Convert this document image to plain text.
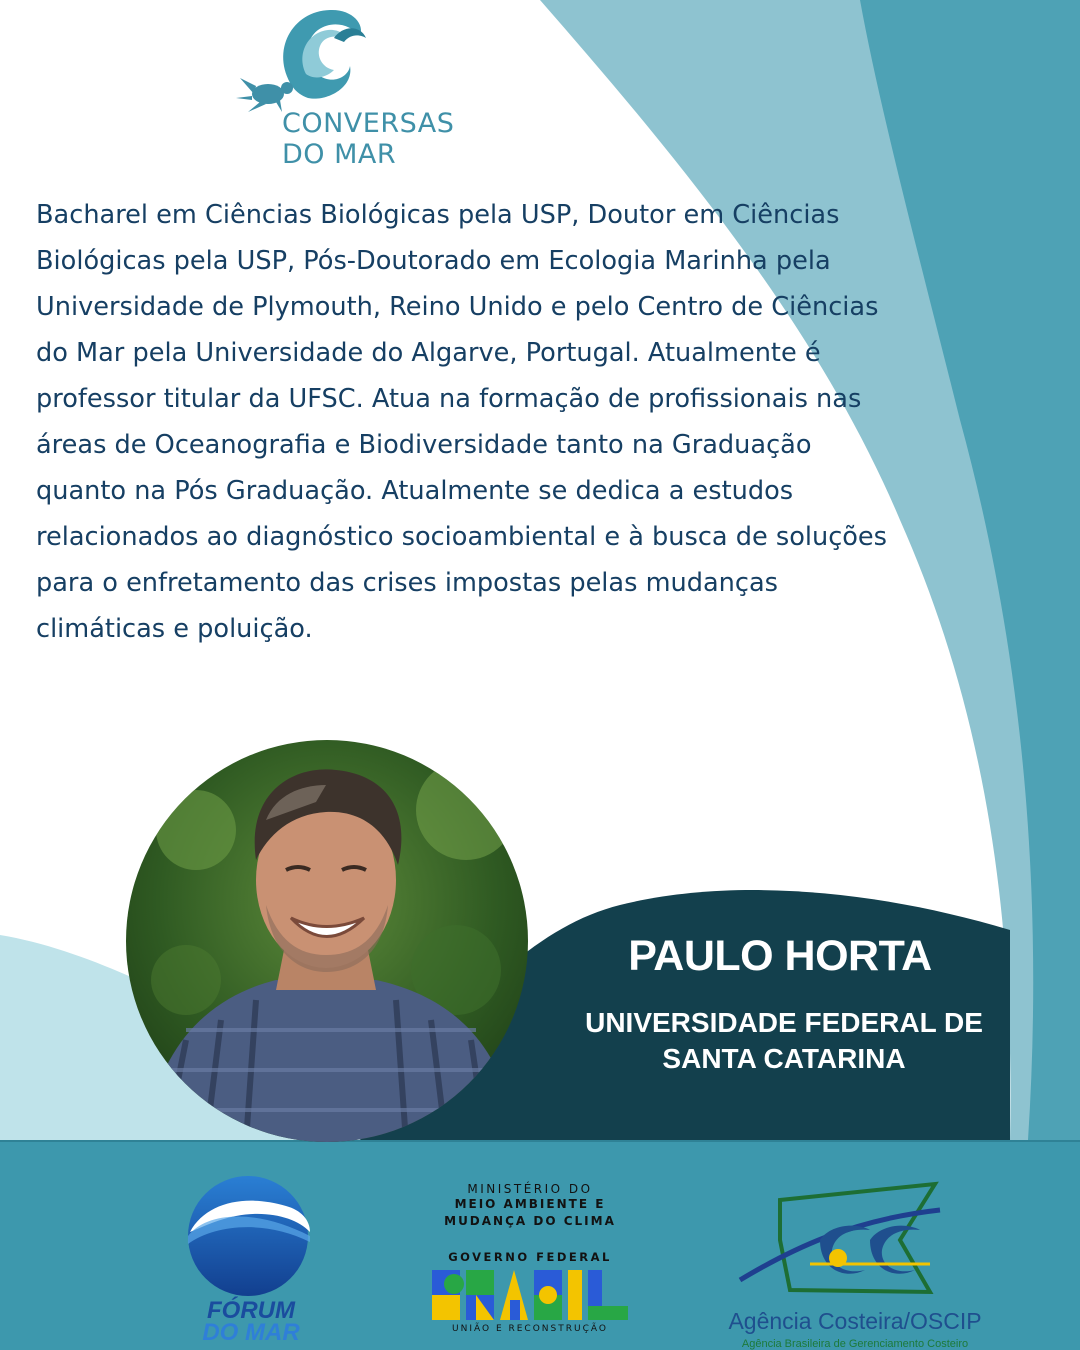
CONVERSAS
DO MAR

Bacharel em Ciências Biológicas pela USP, Doutor em Ciências
Biológicas pela USP, Pós-Doutorado em Ecologia Marinha pela
Universidade de Plymouth, Reino Unido e pelo Centro de Ciências
do Mar pela Universidade do Algarve, Portugal. Atualmente é
professor titular da UFSC. Atua na formação de profissionais nas
áreas de Oceanografia e Biodiversidade tanto na Graduação
quanto na Pós Graduação. Atualmente se dedica a estudos
relacionados ao diagnóstico socioambiental e à busca de soluções
para o enfretamento das crises impostas pelas mudanças
climáticas e poluição.

PAULO HORTA
UNIVERSIDADE FEDERAL DE
SANTA CATARINA
FÓRUM
DO MAR
MINISTÉRIO DO
MEIO AMBIENTE E
MUDANÇA DO CLIMA
GOVERNO FEDERAL
UNIÃO E RECONSTRUÇÃO	Agência Costeira/OSCIP
Agência Brasileira de Gerenciamento Costeiro
